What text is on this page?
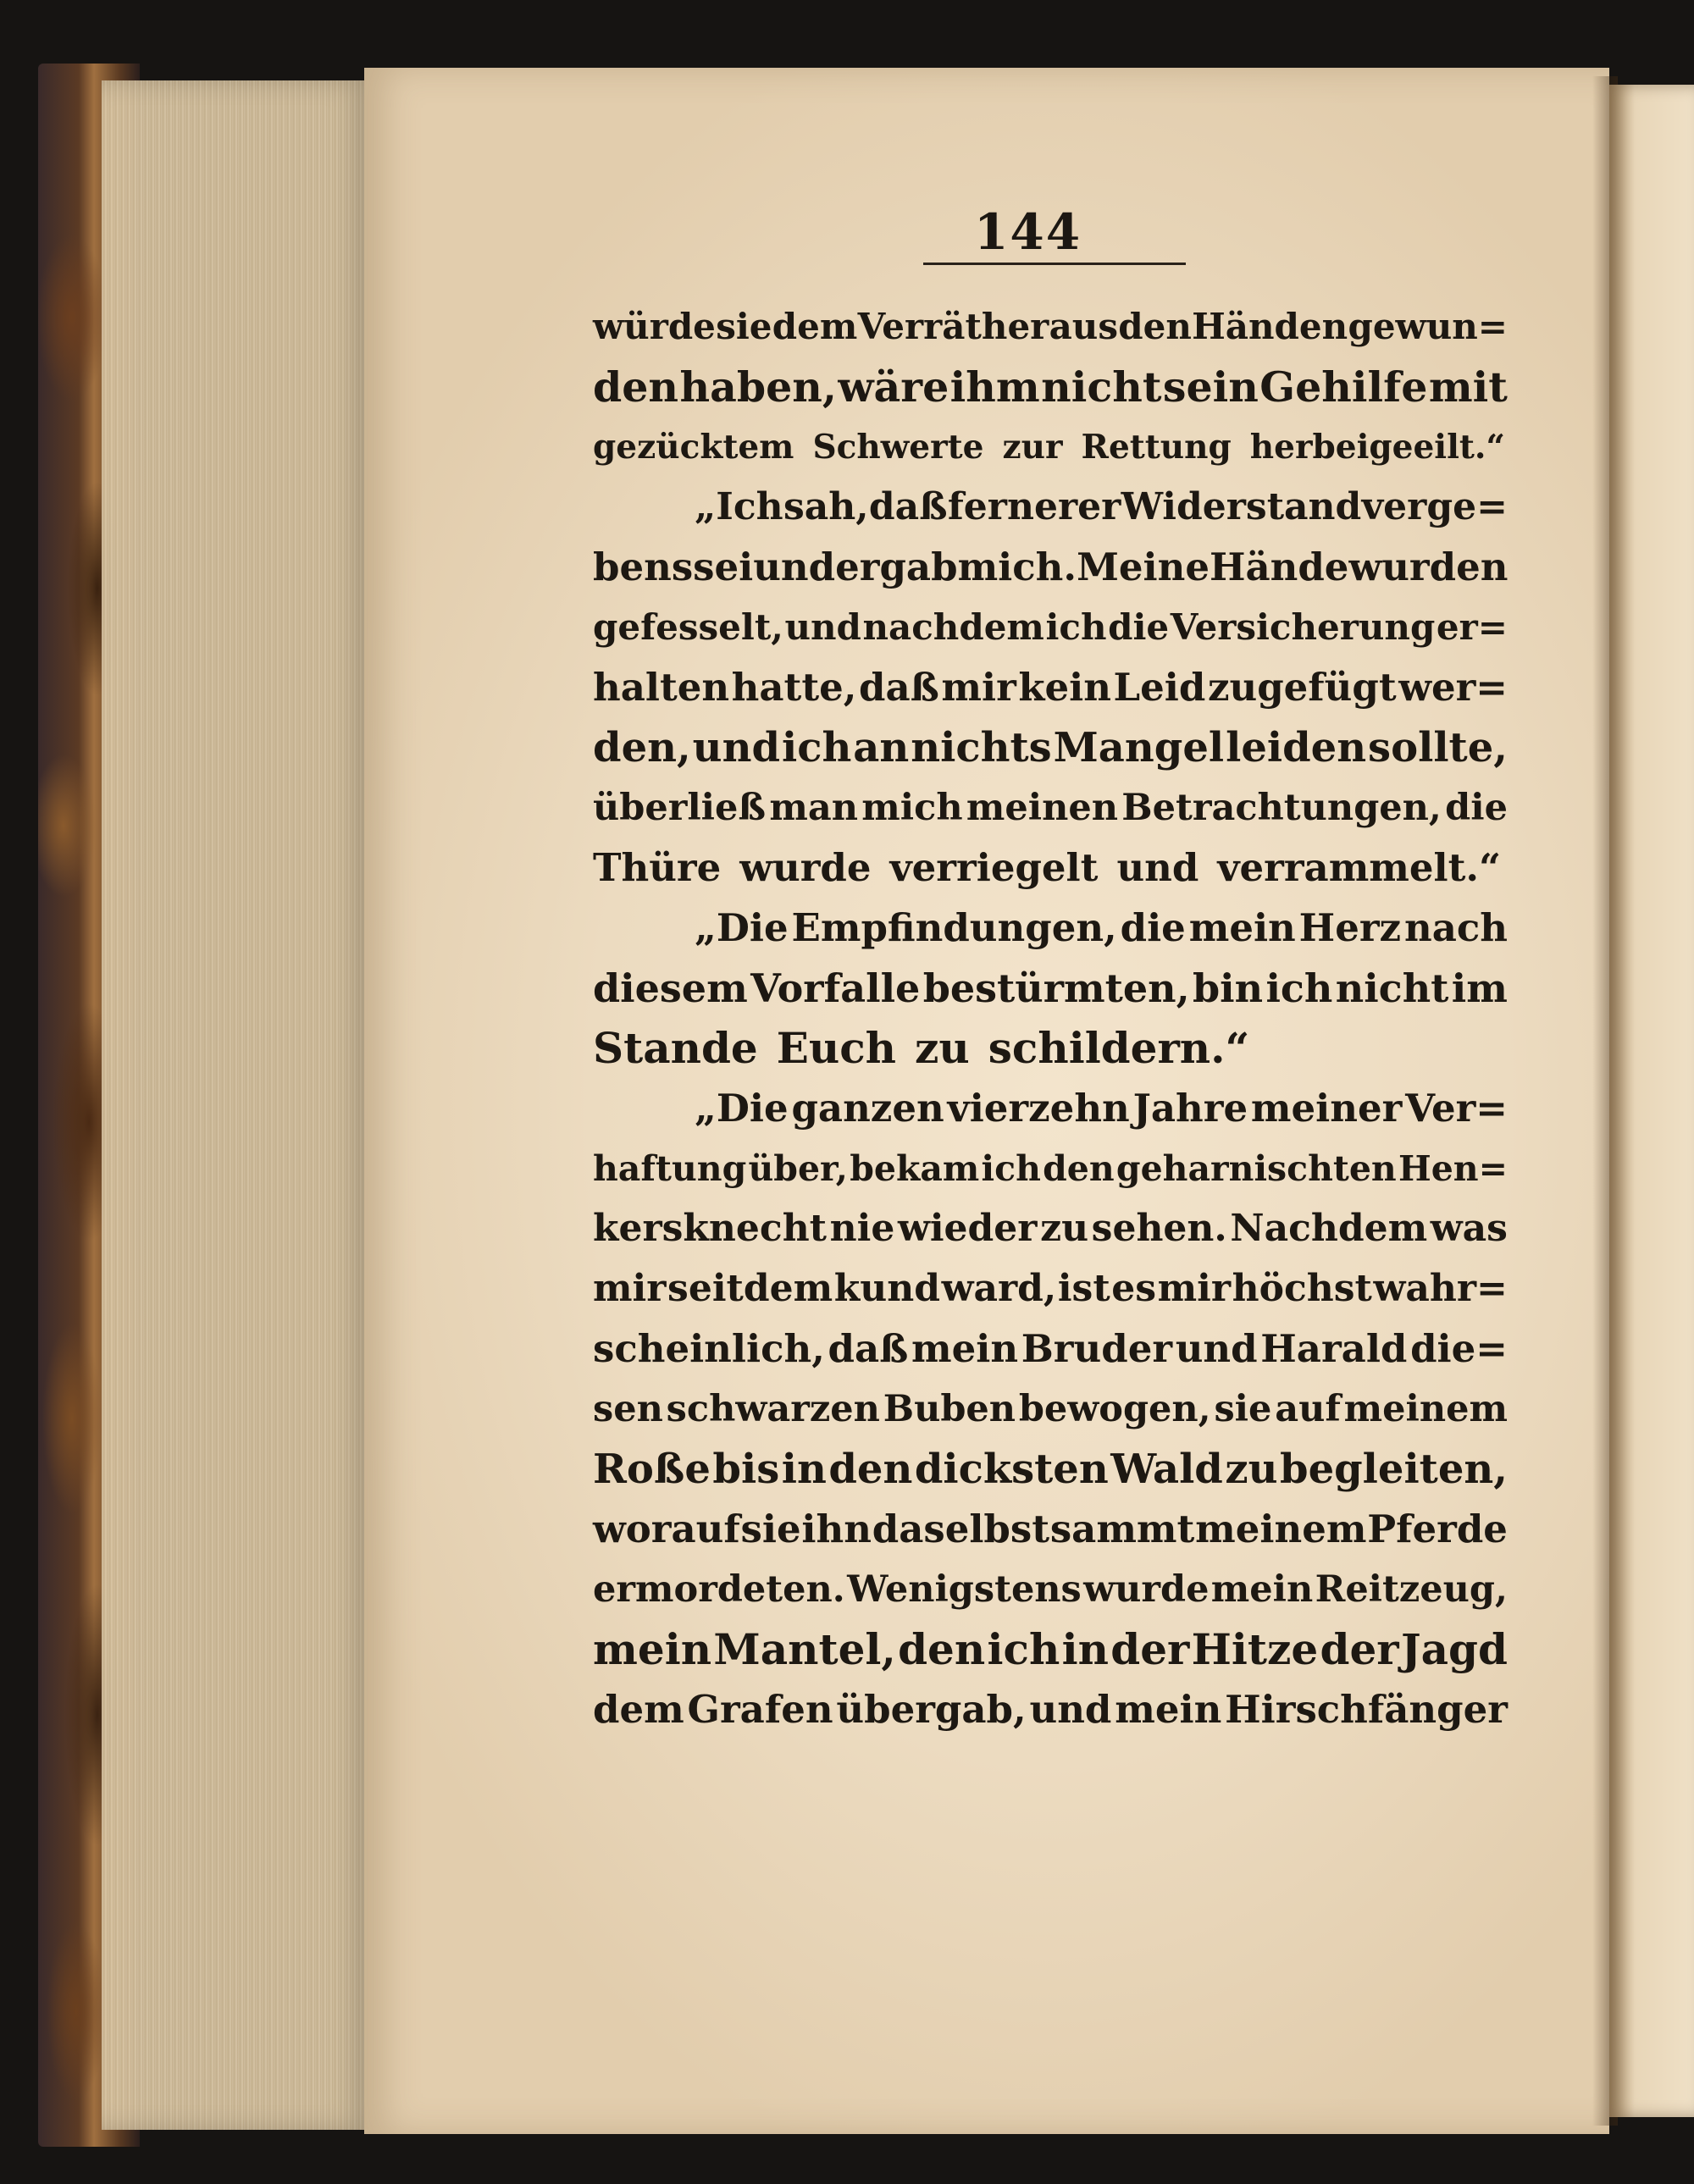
144
würde sie dem Verräther aus den Händen gewun=
den haben, wäre ihm nicht sein Gehilfe mit
gezücktem Schwerte zur Rettung herbeigeeilt.“
„Ich sah, daß fernerer Widerstand verge=
bens sei und ergab mich. Meine Hände wurden
gefesselt, und nachdem ich die Versicherung er=
halten hatte, daß mir kein Leid zugefügt wer=
den, und ich an nichts Mangel leiden sollte,
überließ man mich meinen Betrachtungen, die
Thüre wurde verriegelt und verrammelt.“
„Die Empfindungen, die mein Herz nach
diesem Vorfalle bestürmten, bin ich nicht im
Stande Euch zu schildern.“
„Die ganzen vierzehn Jahre meiner Ver=
haftung über, bekam ich den geharnischten Hen=
kersknecht nie wieder zu sehen. Nachdem was
mir seitdem kund ward, ist es mir höchst wahr=
scheinlich, daß mein Bruder und Harald die=
sen schwarzen Buben bewogen, sie auf meinem
Roße bis in den dicksten Wald zu begleiten,
worauf sie ihn daselbst sammt meinem Pferde
ermordeten. Wenigstens wurde mein Reitzeug,
mein Mantel, den ich in der Hitze der Jagd
dem Grafen übergab, und mein Hirschfänger
